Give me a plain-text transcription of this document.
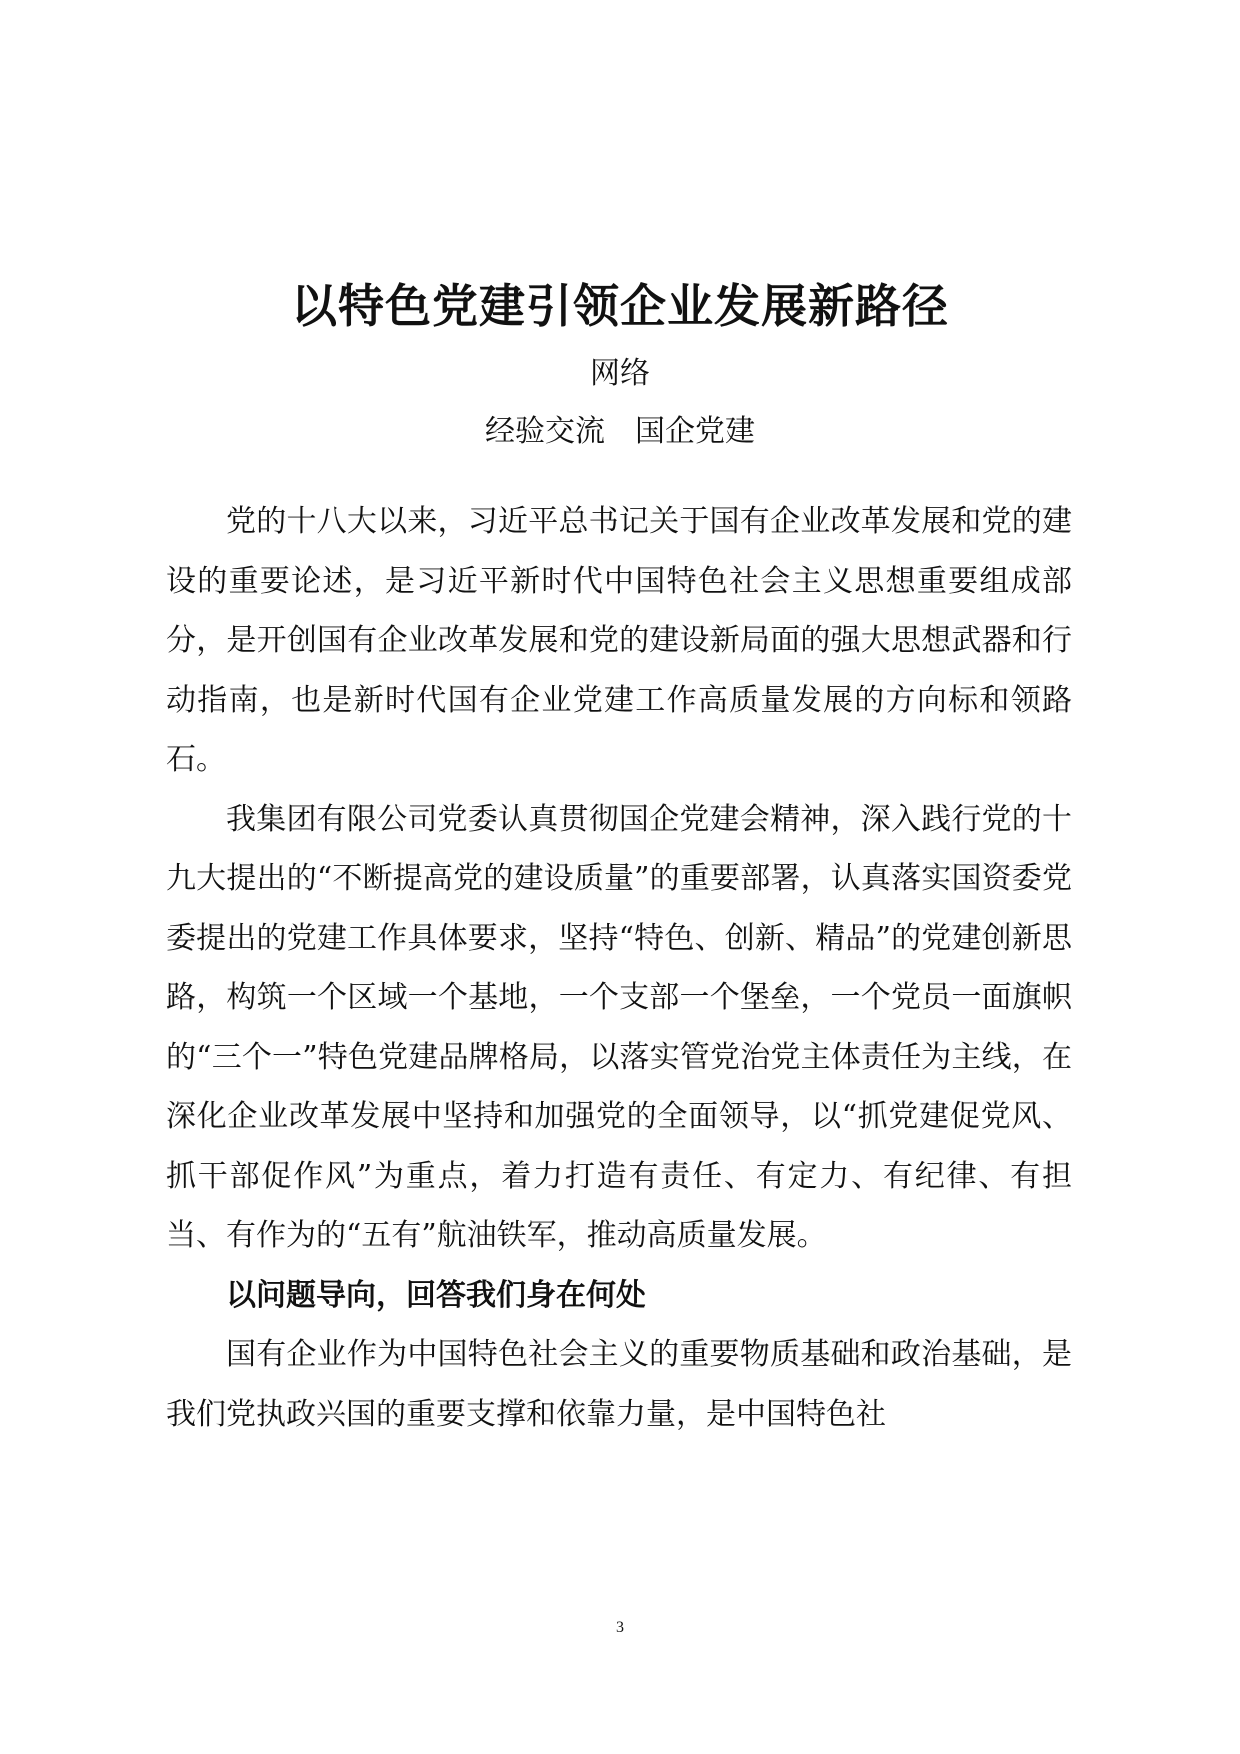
以特色党建引领企业发展新路径
网络
经验交流 国企党建

党的十八大以来，习近平总书记关于国有企业改革发展和党的建设的重要论述，是习近平新时代中国特色社会主义思想重要组成部分，是开创国有企业改革发展和党的建设新局面的强大思想武器和行动指南，也是新时代国有企业党建工作高质量发展的方向标和领路石。

我集团有限公司党委认真贯彻国企党建会精神，深入践行党的十九大提出的“不断提高党的建设质量”的重要部署，认真落实国资委党委提出的党建工作具体要求，坚持“特色、创新、精品”的党建创新思路，构筑一个区域一个基地，一个支部一个堡垒，一个党员一面旗帜的“三个一”特色党建品牌格局，以落实管党治党主体责任为主线，在深化企业改革发展中坚持和加强党的全面领导，以“抓党建促党风、抓干部促作风”为重点，着力打造有责任、有定力、有纪律、有担当、有作为的“五有”航油铁军，推动高质量发展。

以问题导向，回答我们身在何处

国有企业作为中国特色社会主义的重要物质基础和政治基础，是我们党执政兴国的重要支撑和依靠力量，是中国特色社

3
